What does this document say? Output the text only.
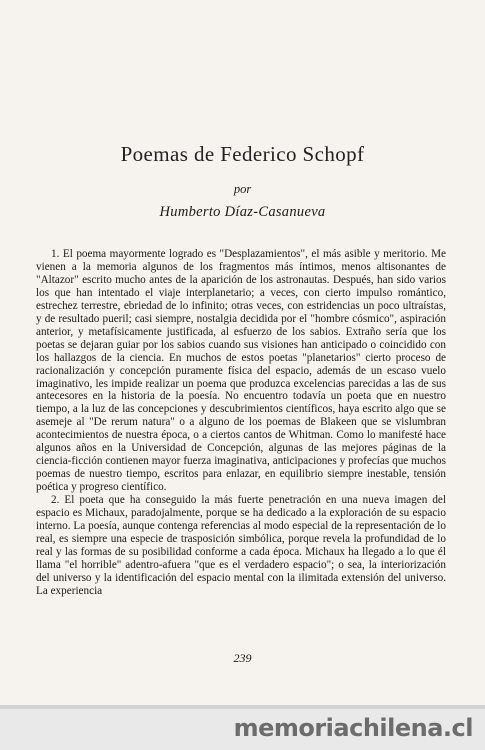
Poemas de Federico Schopf
por
Humberto Díaz-Casanueva

1. El poema mayormente logrado es "Desplazamientos", el más asible y meritorio. Me vienen a la memoria algunos de los fragmentos más íntimos, menos altisonantes de "Altazor" escrito mucho antes de la aparición de los astronautas. Después, han sido varios los que han intentado el viaje interplanetario; a veces, con cierto impulso romántico, estrechez terrestre, ebriedad de lo infinito; otras veces, con estridencias un poco ultraístas, y de resultado pueril; casi siempre, nostalgia decidida por el "hombre cósmico", aspiración anterior, y metafísicamente justificada, al esfuerzo de los sabios. Extraño sería que los poetas se dejaran guiar por los sabios cuando sus visiones han anticipado o coincidido con los hallazgos de la ciencia. En muchos de estos poetas "planetarios" cierto proceso de racionalización y concepción puramente física del espacio, además de un escaso vuelo imaginativo, les impide realizar un poema que produzca excelencias parecidas a las de sus antecesores en la historia de la poesía. No encuentro todavía un poeta que en nuestro tiempo, a la luz de las concepciones y descubrimientos científicos, haya escrito algo que se asemeje al "De rerum natura" o a alguno de los poemas de Blakeen que se vislumbran acontecimientos de nuestra época, o a ciertos cantos de Whitman. Como lo manifesté hace algunos años en la Universidad de Concepción, algunas de las mejores páginas de la ciencia-ficción contienen mayor fuerza imaginativa, anticipaciones y profecías que muchos poemas de nuestro tiempo, escritos para enlazar, en equilibrio siempre inestable, tensión poética y progreso científico.

2. El poeta que ha conseguido la más fuerte penetración en una nueva imagen del espacio es Michaux, paradojalmente, porque se ha dedicado a la exploración de su espacio interno. La poesía, aunque contenga referencias al modo especial de la representación de lo real, es siempre una especie de trasposición simbólica, porque revela la profundidad de lo real y las formas de su posibilidad conforme a cada época. Michaux ha llegado a lo que él llama "el horrible" adentro-afuera "que es el verdadero espacio"; o sea, la interiorización del universo y la identificación del espacio mental con la ilimitada extensión del universo. La experiencia

239
memoriachilena.cl
